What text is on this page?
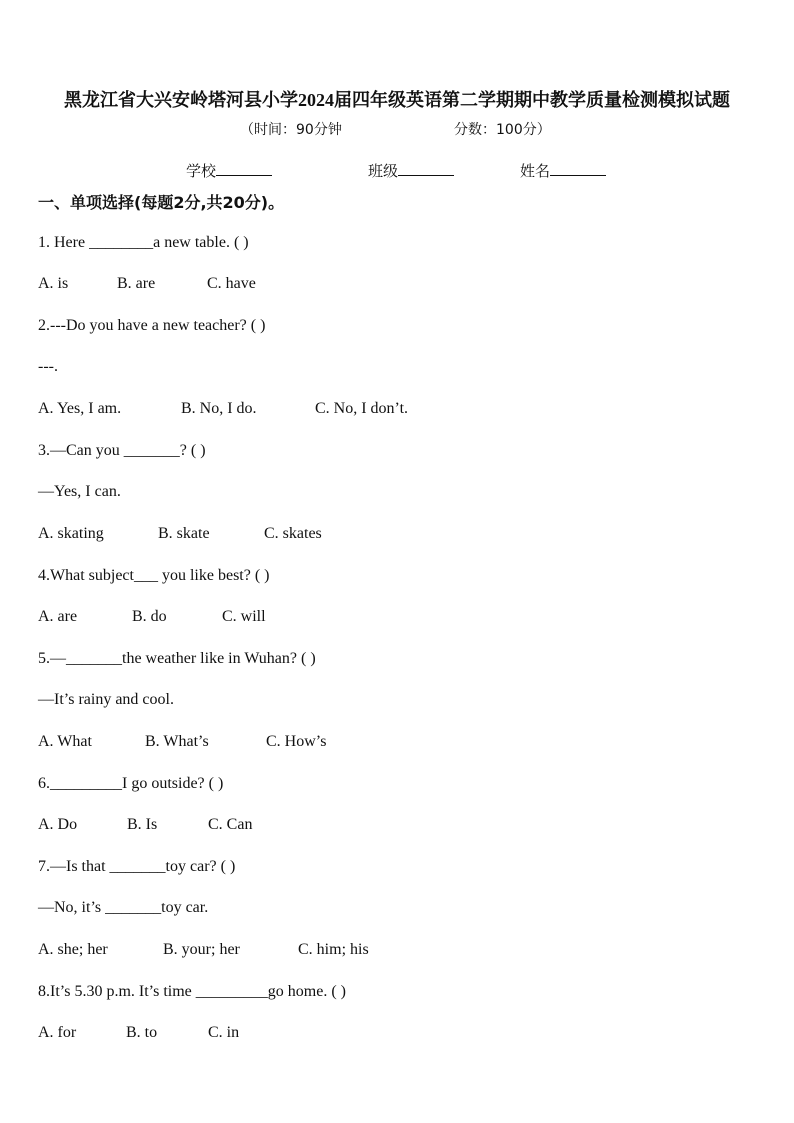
黑龙江省大兴安岭塔河县小学2024届四年级英语第二学期期中教学质量检测模拟试题
（时间：90分钟	分数：100分）
学校	班级	姓名
一、单项选择(每题2分,共20分)。
1. Here ________a new table. ( )
A. is	B. are	C. have
2.---Do you have a new teacher? ( )
---.
A. Yes, I am.	B. No, I do.	C. No, I don’t.
3.—Can you _______? ( )
—Yes, I can.
A. skating	B. skate	C. skates
4.What subject___ you like best? ( )
A. are	B. do	C. will
5.—_______the weather like in Wuhan? ( )
—It’s rainy and cool.
A. What	B. What’s	C. How’s
6._________I go outside? ( )
A. Do	B. Is	C. Can
7.—Is that _______toy car? ( )
—No, it’s _______toy car.
A. she; her	B. your; her	C. him; his
8.It’s 5.30 p.m. It’s time _________go home. ( )
A. for	B. to	C. in
